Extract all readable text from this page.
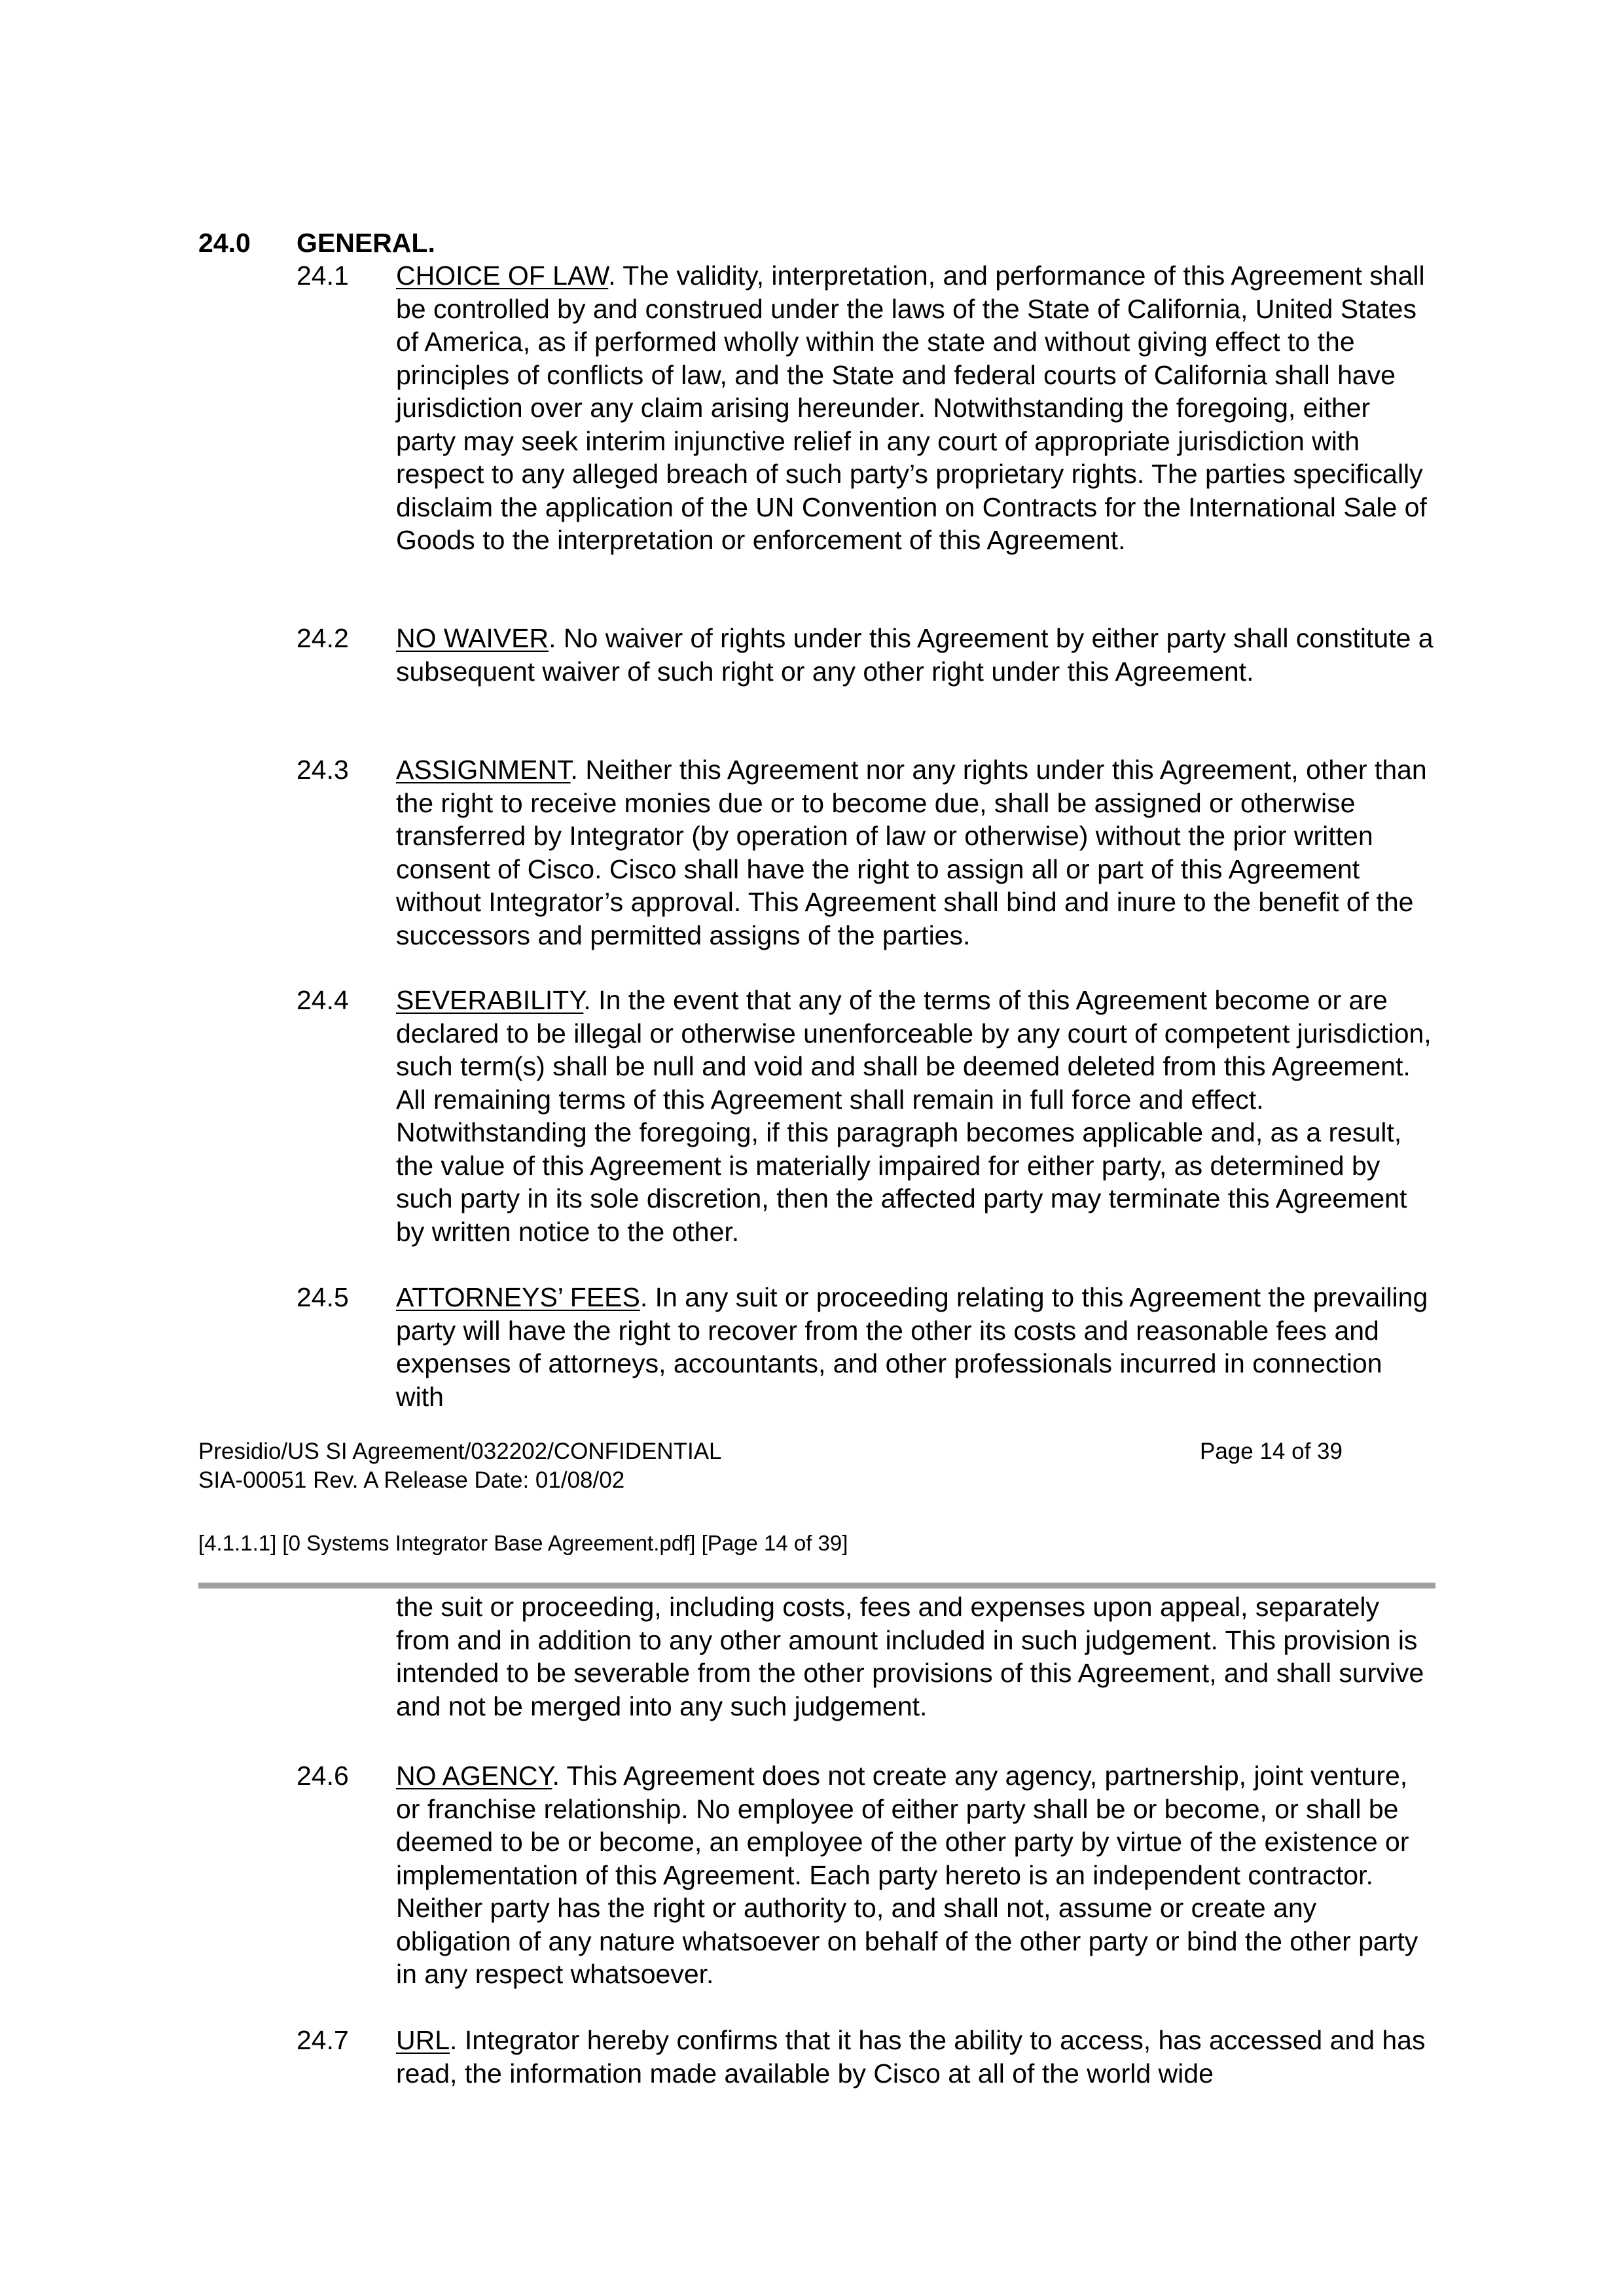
24.0 GENERAL.
24.1 CHOICE OF LAW. The validity, interpretation, and performance of this Agreement shall be controlled by and construed under the laws of the State of California, United States of America, as if performed wholly within the state and without giving effect to the principles of conflicts of law, and the State and federal courts of California shall have jurisdiction over any claim arising hereunder. Notwithstanding the foregoing, either party may seek interim injunctive relief in any court of appropriate jurisdiction with respect to any alleged breach of such party’s proprietary rights. The parties specifically disclaim the application of the UN Convention on Contracts for the International Sale of Goods to the interpretation or enforcement of this Agreement.
24.2 NO WAIVER. No waiver of rights under this Agreement by either party shall constitute a subsequent waiver of such right or any other right under this Agreement.
24.3 ASSIGNMENT. Neither this Agreement nor any rights under this Agreement, other than the right to receive monies due or to become due, shall be assigned or otherwise transferred by Integrator (by operation of law or otherwise) without the prior written consent of Cisco. Cisco shall have the right to assign all or part of this Agreement without Integrator’s approval. This Agreement shall bind and inure to the benefit of the successors and permitted assigns of the parties.
24.4 SEVERABILITY. In the event that any of the terms of this Agreement become or are declared to be illegal or otherwise unenforceable by any court of competent jurisdiction, such term(s) shall be null and void and shall be deemed deleted from this Agreement. All remaining terms of this Agreement shall remain in full force and effect. Notwithstanding the foregoing, if this paragraph becomes applicable and, as a result, the value of this Agreement is materially impaired for either party, as determined by such party in its sole discretion, then the affected party may terminate this Agreement by written notice to the other.
24.5 ATTORNEYS’ FEES. In any suit or proceeding relating to this Agreement the prevailing party will have the right to recover from the other its costs and reasonable fees and expenses of attorneys, accountants, and other professionals incurred in connection with
Presidio/US SI Agreement/032202/CONFIDENTIAL
SIA-00051 Rev. A Release Date: 01/08/02
Page 14 of 39
[4.1.1.1] [0 Systems Integrator Base Agreement.pdf] [Page 14 of 39]
the suit or proceeding, including costs, fees and expenses upon appeal, separately from and in addition to any other amount included in such judgement. This provision is intended to be severable from the other provisions of this Agreement, and shall survive and not be merged into any such judgement.
24.6 NO AGENCY. This Agreement does not create any agency, partnership, joint venture, or franchise relationship. No employee of either party shall be or become, or shall be deemed to be or become, an employee of the other party by virtue of the existence or implementation of this Agreement. Each party hereto is an independent contractor. Neither party has the right or authority to, and shall not, assume or create any obligation of any nature whatsoever on behalf of the other party or bind the other party in any respect whatsoever.
24.7 URL. Integrator hereby confirms that it has the ability to access, has accessed and has read, the information made available by Cisco at all of the world wide
